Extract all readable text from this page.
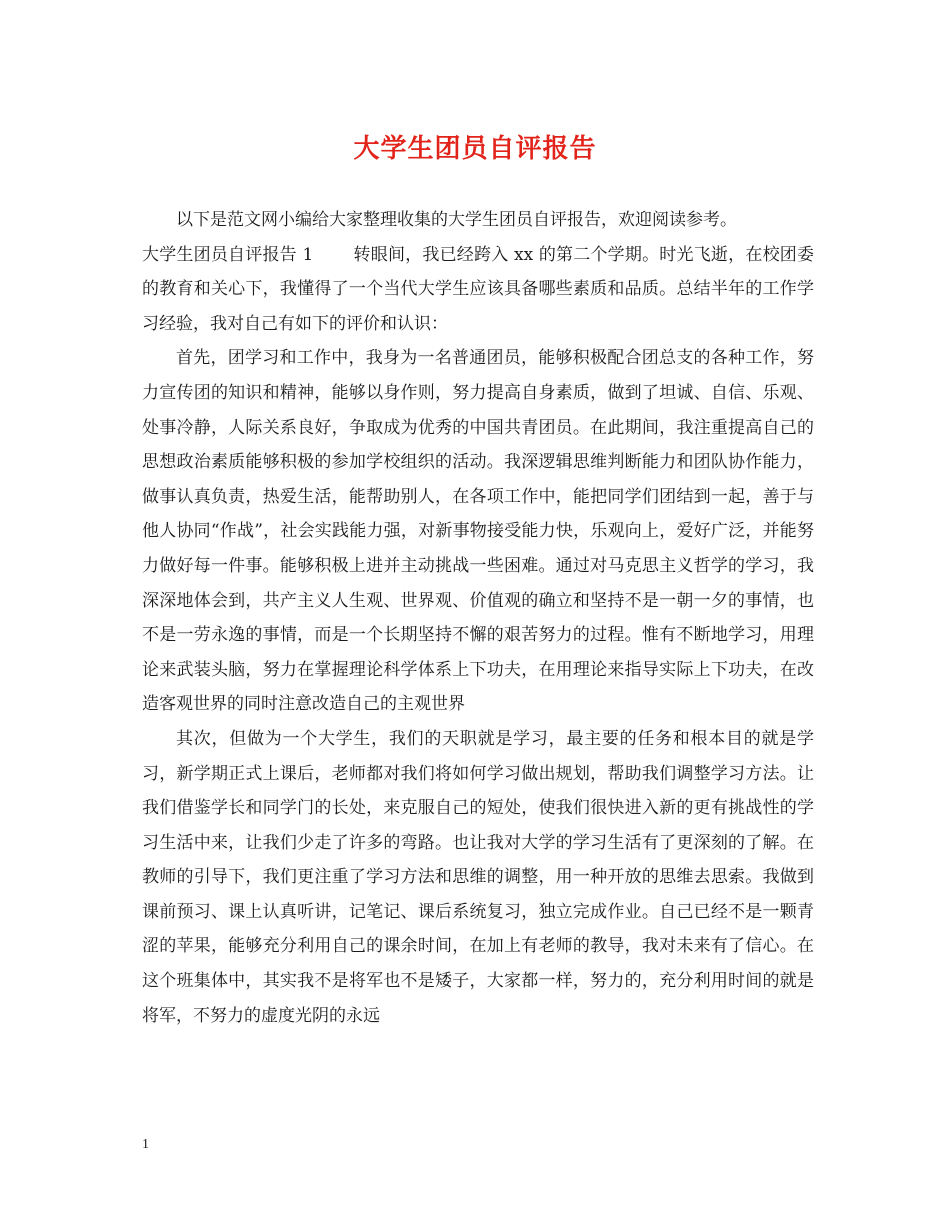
大学生团员自评报告

以下是范文网小编给大家整理收集的大学生团员自评报告，欢迎阅读参考。

大学生团员自评报告 1 转眼间，我已经跨入 xx 的第二个学期。时光飞逝，在校团委的教育和关心下，我懂得了一个当代大学生应该具备哪些素质和品质。总结半年的工作学习经验，我对自己有如下的评价和认识：

首先，团学习和工作中，我身为一名普通团员，能够积极配合团总支的各种工作，努力宣传团的知识和精神，能够以身作则，努力提高自身素质，做到了坦诚、自信、乐观、处事冷静，人际关系良好，争取成为优秀的中国共青团员。在此期间，我注重提高自己的思想政治素质能够积极的参加学校组织的活动。我深逻辑思维判断能力和团队协作能力，做事认真负责，热爱生活，能帮助别人，在各项工作中，能把同学们团结到一起，善于与他人协同“作战”，社会实践能力强，对新事物接受能力快，乐观向上，爱好广泛，并能努力做好每一件事。能够积极上进并主动挑战一些困难。通过对马克思主义哲学的学习，我深深地体会到，共产主义人生观、世界观、价值观的确立和坚持不是一朝一夕的事情，也不是一劳永逸的事情，而是一个长期坚持不懈的艰苦努力的过程。惟有不断地学习，用理论来武装头脑，努力在掌握理论科学体系上下功夫，在用理论来指导实际上下功夫，在改造客观世界的同时注意改造自己的主观世界

其次，但做为一个大学生，我们的天职就是学习，最主要的任务和根本目的就是学习，新学期正式上课后，老师都对我们将如何学习做出规划，帮助我们调整学习方法。让我们借鉴学长和同学门的长处，来克服自己的短处，使我们很快进入新的更有挑战性的学习生活中来，让我们少走了许多的弯路。也让我对大学的学习生活有了更深刻的了解。在教师的引导下，我们更注重了学习方法和思维的调整，用一种开放的思维去思索。我做到课前预习、课上认真听讲，记笔记、课后系统复习，独立完成作业。自己已经不是一颗青涩的苹果，能够充分利用自己的课余时间，在加上有老师的教导，我对未来有了信心。在这个班集体中，其实我不是将军也不是矮子，大家都一样，努力的，充分利用时间的就是将军，不努力的虚度光阴的永远

1
